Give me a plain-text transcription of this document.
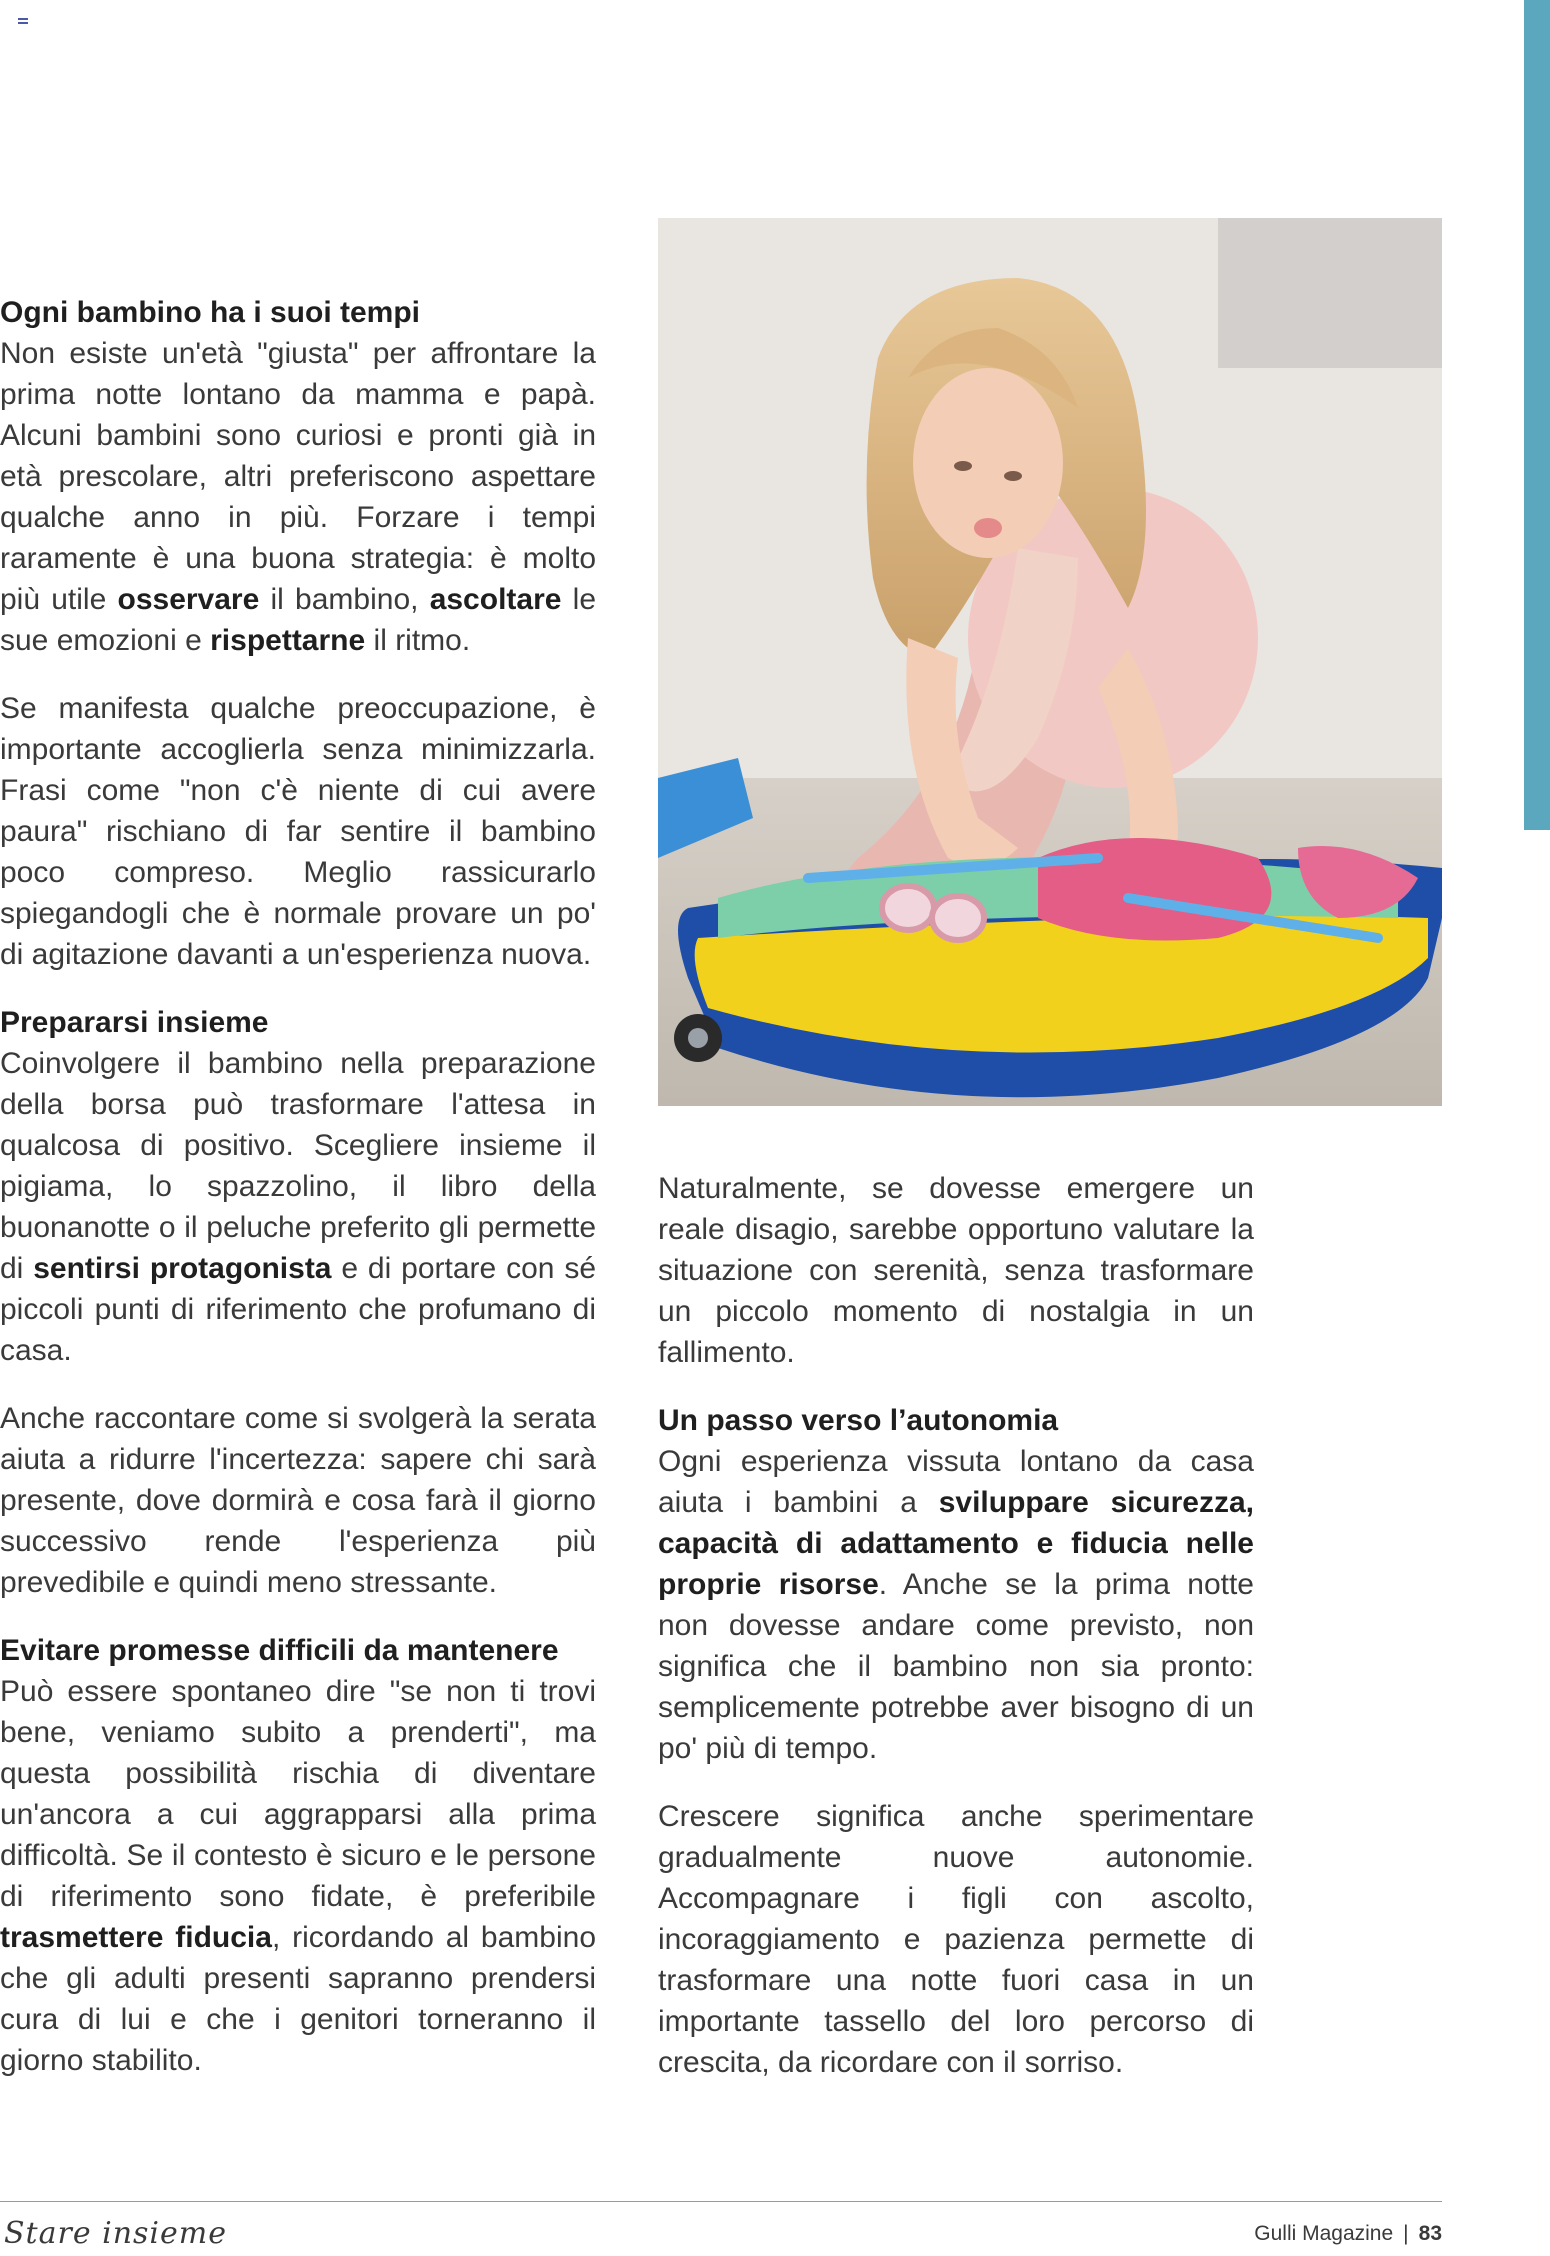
Ogni bambino ha i suoi tempi

Non esiste un'età "giusta" per affrontare la prima notte lontano da mamma e papà. Alcuni bambini sono curiosi e pronti già in età prescolare, altri preferiscono aspettare qualche anno in più. Forzare i tempi raramente è una buona strategia: è molto più utile osservare il bambino, ascoltare le sue emozioni e rispettarne il ritmo.

Se manifesta qualche preoccupazione, è importante accoglierla senza minimizzarla. Frasi come "non c'è niente di cui avere paura" rischiano di far sentire il bambino poco compreso. Meglio rassicurarlo spiegandogli che è normale provare un po' di agitazione davanti a un'esperienza nuova.

Prepararsi insieme

Coinvolgere il bambino nella preparazione della borsa può trasformare l'attesa in qualcosa di positivo. Scegliere insieme il pigiama, lo spazzolino, il libro della buonanotte o il peluche preferito gli permette di sentirsi protagonista e di portare con sé piccoli punti di riferimento che profumano di casa.

Anche raccontare come si svolgerà la serata aiuta a ridurre l'incertezza: sapere chi sarà presente, dove dormirà e cosa farà il giorno successivo rende l'esperienza più prevedibile e quindi meno stressante.

Evitare promesse difficili da mantenere

Può essere spontaneo dire "se non ti trovi bene, veniamo subito a prenderti", ma questa possibilità rischia di diventare un'ancora a cui aggrapparsi alla prima difficoltà. Se il contesto è sicuro e le persone di riferimento sono fidate, è preferibile trasmettere fiducia, ricordando al bambino che gli adulti presenti sapranno prendersi cura di lui e che i genitori torneranno il giorno stabilito.

Naturalmente, se dovesse emergere un reale disagio, sarebbe opportuno valutare la situazione con serenità, senza trasformare un piccolo momento di nostalgia in un fallimento.

Un passo verso l’autonomia

Ogni esperienza vissuta lontano da casa aiuta i bambini a sviluppare sicurezza, capacità di adattamento e fiducia nelle proprie risorse. Anche se la prima notte non dovesse andare come previsto, non significa che il bambino non sia pronto: semplicemente potrebbe aver bisogno di un po' più di tempo.

Crescere significa anche sperimentare gradualmente nuove autonomie. Accompagnare i figli con ascolto, incoraggiamento e pazienza permette di trasformare una notte fuori casa in un importante tassello del loro percorso di crescita, da ricordare con il sorriso.

Stare insieme	Gulli Magazine | 83
